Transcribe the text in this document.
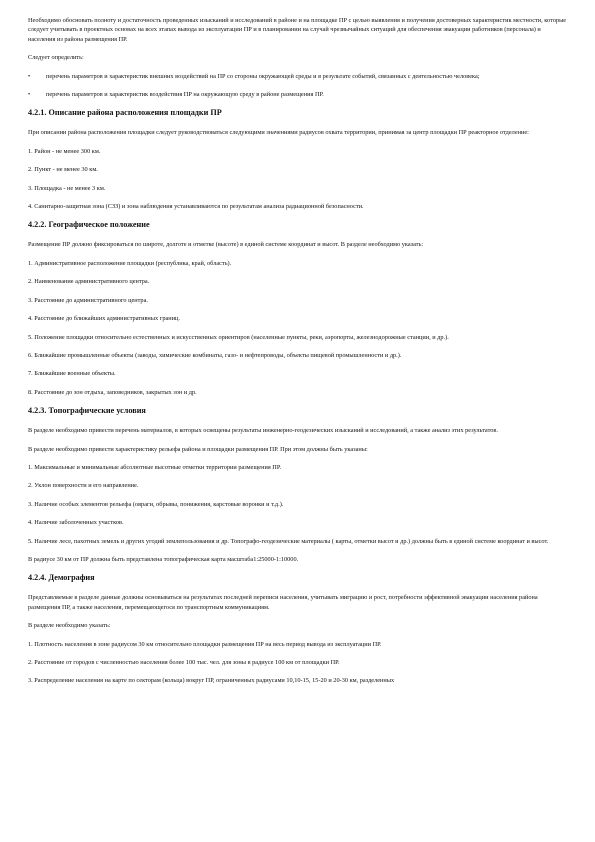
Необходимо обосновать полноту и достаточность проведенных изысканий и исследований в районе и на площадке ПР с целью выявления и получения достоверных характеристик местности, которые следует учитывать в проектных основах на всех этапах вывода из эксплуатации ПР и в планировании на случай чрезвычайных ситуаций для обеспечения эвакуации работников (персонала) и населения из района размещения ПР.

Следует определить:

•	перечень параметров и характеристик внешних воздействий на ПР со стороны окружающей среды и в результате событий, связанных с деятельностью человека;
•	перечень параметров и характеристик воздействия ПР на окружающую среду в районе размещения ПР.
4.2.1. Описание района расположения площадки ПР

При описании района расположения площадки следует руководствоваться следующими значениями радиусов охвата территории, принимая за центр площадки ПР реакторное отделение:

1. Район - не менее 300 км.

2. Пункт - не менее 30 км.

3. Площадка - не менее 3 км.

4. Санитарно-защитная зона (СЗЗ) и зона наблюдения устанавливаются по результатам анализа радиационной безопасности.

4.2.2. Географическое положение

Размещение ПР должно фиксироваться по широте, долготе и отметке (высоте) в единой системе координат и высот. В разделе необходимо указать:

1. Административное расположение площадки (республика, край, область).

2. Наименование административного центра.

3. Расстояние до административного центра.

4. Расстояние до ближайших административных границ.

5. Положение площадки относительно естественных и искусственных ориентиров (населенные пункты, реки, аэропорты, железнодорожные станции, и др.).

6. Ближайшие промышленные объекты (заводы, химические комбинаты, газо- и нефтепроводы, объекты пищевой промышленности и др.).

7. Ближайшие военные объекты.

8. Расстояние до зон отдыха, заповедников, закрытых зон и др.

4.2.3. Топографические условия

В разделе необходимо привести перечень материалов, в которых освещены результаты инженерно-геодезических изысканий и исследований, а также анализ этих результатов.

В разделе необходимо привести характеристику рельефа района и площадки размещения ПР. При этом должны быть указаны:

1. Максимальные и минимальные абсолютные высотные отметки территории размещения ПР.

2. Уклон поверхности и его направление.

3. Наличие особых элементов рельефа (овраги, обрывы, понижения, карстовые воронки и т.д.).

4. Наличие заболоченных участков.

5. Наличие лесе, пахотных земель и других угодий землепользования и др. Топографо-геодезические материалы ( карты, отметки высот и др.) должны быть в единой системе координат и высот.

В радиусе 30 км от ПР должна быть представлена топографическая карта масштаба1:25000-1:10000.

4.2.4. Демография

Представляемые в разделе данные должны основываться на результатах последней переписи населения, учитывать миграцию и рост, потребности эффективной эвакуации населения района размещения ПР, а также населения, перемещающегося по транспортным коммуникациям.

В разделе необходимо указать:

1. Плотность населения в зоне радиусом 30 км относительно площадки размещения ПР на весь период вывода из эксплуатации ПР.

2. Расстояние от городов с численностью населения более 100 тыс. чел. для зоны в радиусе 100 км от площадки ПР.

3. Распределение населения на карте по секторам (кольца) вокруг ПР, ограниченных радиусами 10,10-15, 15-20 и 20-30 км, разделенных
